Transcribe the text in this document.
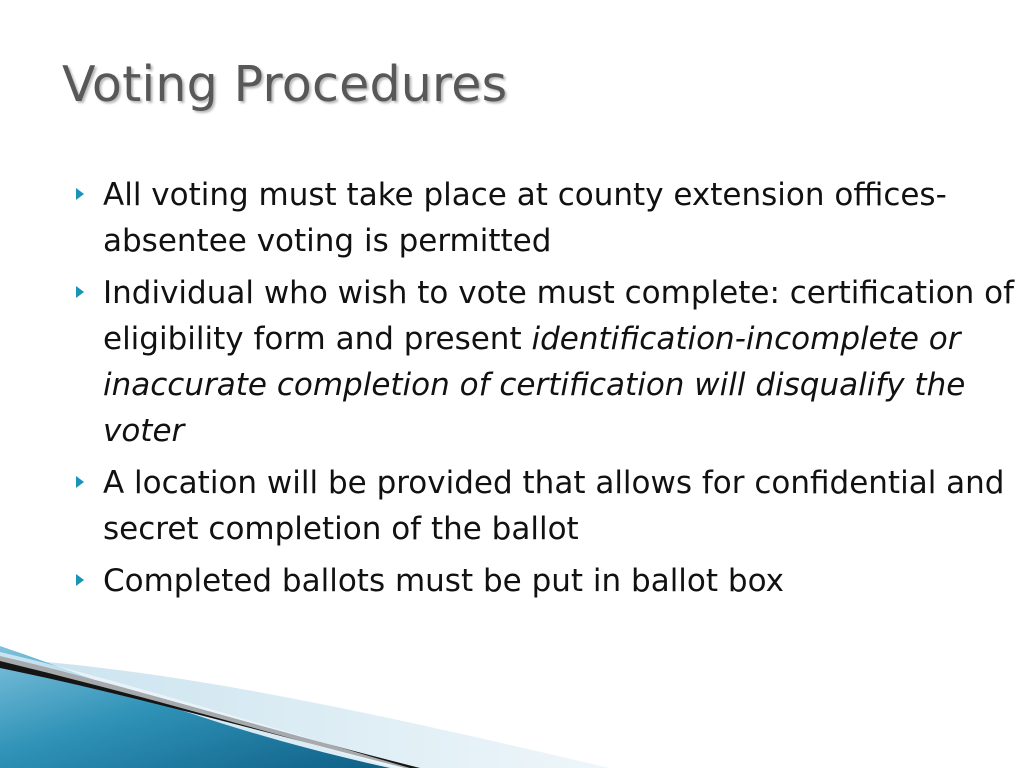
Voting Procedures
All voting must take place at county extension offices- absentee voting is permitted
Individual who wish to vote must complete: certification of eligibility form and present identification-incomplete or inaccurate completion of certification will disqualify the voter
A location will be provided that allows for confidential and secret completion of the ballot
Completed ballots must be put in ballot box
